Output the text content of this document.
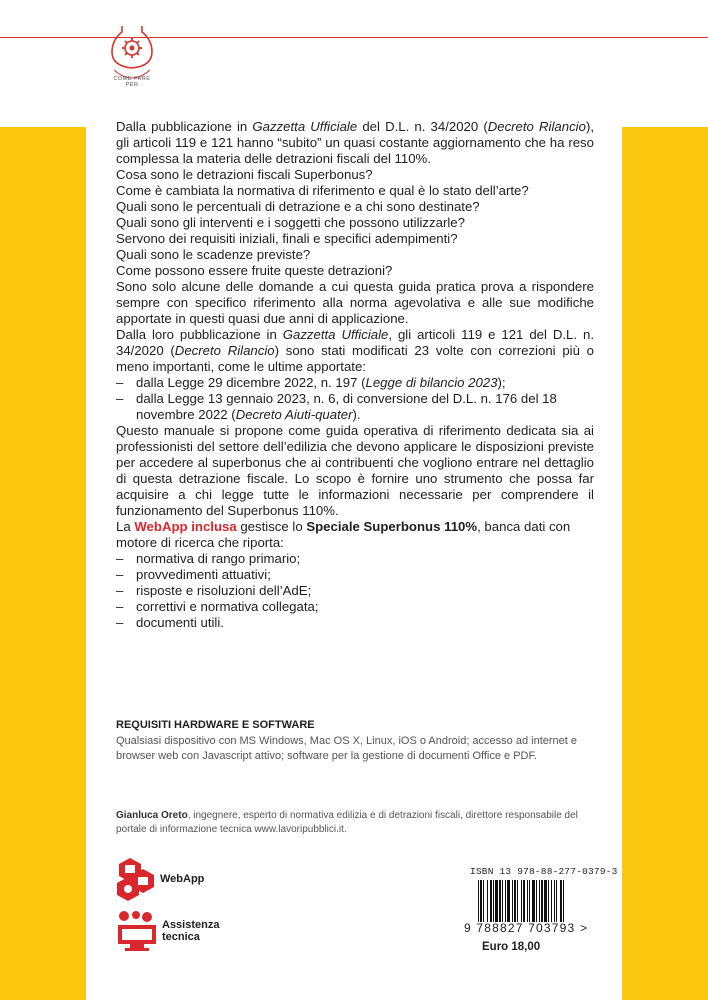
COME FARE PER

Dalla pubblicazione in Gazzetta Ufficiale del D.L. n. 34/2020 (Decreto Rilancio), gli articoli 119 e 121 hanno “subito” un quasi costante aggiornamento che ha reso complessa la materia delle detrazioni fiscali del 110%.

Cosa sono le detrazioni fiscali Superbonus?

Come è cambiata la normativa di riferimento e qual è lo stato dell’arte?

Quali sono le percentuali di detrazione e a chi sono destinate?

Quali sono gli interventi e i soggetti che possono utilizzarle?

Servono dei requisiti iniziali, finali e specifici adempimenti?

Quali sono le scadenze previste?

Come possono essere fruite queste detrazioni?

Sono solo alcune delle domande a cui questa guida pratica prova a rispondere sempre con specifico riferimento alla norma agevolativa e alle sue modifiche apportate in questi quasi due anni di applicazione.

Dalla loro pubblicazione in Gazzetta Ufficiale, gli articoli 119 e 121 del D.L. n. 34/2020 (Decreto Rilancio) sono stati modificati 23 volte con correzioni più o meno importanti, come le ultime apportate:

– dalla Legge 29 dicembre 2022, n. 197 (Legge di bilancio 2023);
– dalla Legge 13 gennaio 2023, n. 6, di conversione del D.L. n. 176 del 18 novembre 2022 (Decreto Aiuti-quater).

Questo manuale si propone come guida operativa di riferimento dedicata sia ai professionisti del settore dell’edilizia che devono applicare le disposizioni previste per accedere al superbonus che ai contribuenti che vogliono entrare nel dettaglio di questa detrazione fiscale. Lo scopo è fornire uno strumento che possa far acquisire a chi legge tutte le informazioni necessarie per comprendere il funzionamento del Superbonus 110%.

La WebApp inclusa gestisce lo Speciale Superbonus 110%, banca dati con motore di ricerca che riporta:

– normativa di rango primario;
– provvedimenti attuativi;
– risposte e risoluzioni dell’AdE;
– correttivi e normativa collegata;
– documenti utili.
REQUISITI HARDWARE E SOFTWARE
Qualsiasi dispositivo con MS Windows, Mac OS X, Linux, iOS o Android; accesso ad internet e browser web con Javascript attivo; software per la gestione di documenti Office e PDF.
Gianluca Oreto, ingegnere, esperto di normativa edilizia e di detrazioni fiscali, direttore responsabile del portale di informazione tecnica www.lavoripubblici.it.
WebApp
Assistenza
tecnica
ISBN 13 978-88-277-0379-3
9 788827 703793 >
Euro 18,00
